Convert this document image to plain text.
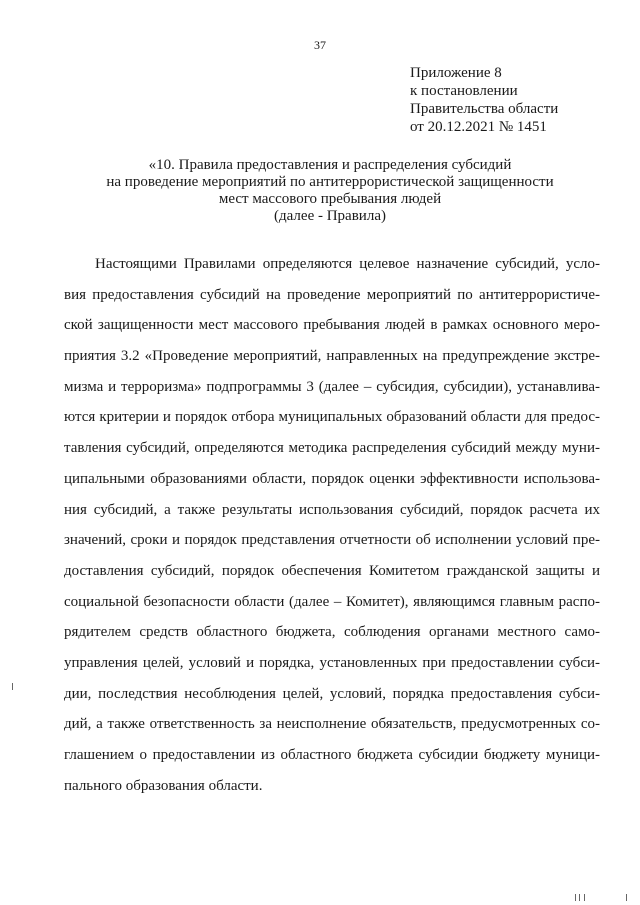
37
Приложение 8
к постановлении
Правительства области
от 20.12.2021 № 1451
«10. Правила предоставления и распределения субсидий
на проведение мероприятий по антитеррористической защищенности
мест массового пребывания людей
(далее - Правила)
Настоящими Правилами определяются целевое назначение субсидий, усло-
вия предоставления субсидий на проведение мероприятий по антитеррористиче-
ской защищенности мест массового пребывания людей в рамках основного меро-
приятия 3.2 «Проведение мероприятий, направленных на предупреждение экстре-
мизма и терроризма» подпрограммы 3 (далее – субсидия, субсидии), устанавлива-
ются критерии и порядок отбора муниципальных образований области для предос-
тавления субсидий, определяются методика распределения субсидий между муни-
ципальными образованиями области, порядок оценки эффективности использова-
ния субсидий, а также результаты использования субсидий, порядок расчета их
значений, сроки и порядок представления отчетности об исполнении условий пре-
доставления субсидий, порядок обеспечения Комитетом гражданской защиты и
социальной безопасности области (далее – Комитет), являющимся главным распо-
рядителем средств областного бюджета, соблюдения органами местного само-
управления целей, условий и порядка, установленных при предоставлении субси-
дии, последствия несоблюдения целей, условий, порядка предоставления субси-
дий, а также ответственность за неисполнение обязательств, предусмотренных со-
глашением о предоставлении из областного бюджета субсидии бюджету муници-
пального образования области.
